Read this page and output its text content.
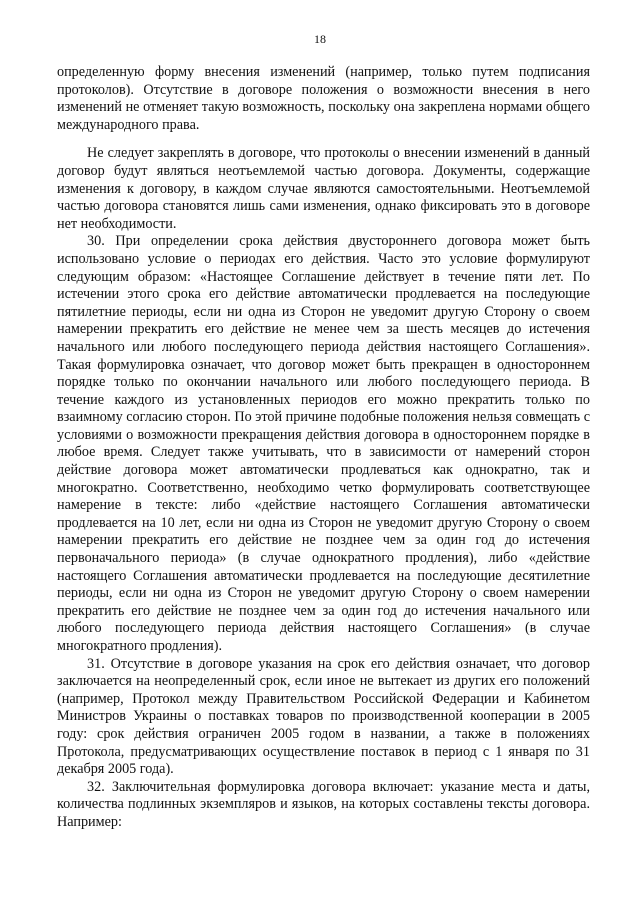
18

определенную форму внесения изменений (например, только путем подписания протоколов). Отсутствие в договоре положения о возможности внесения в него изменений не отменяет такую возможность, поскольку она закреплена нормами общего международного права.

Не следует закреплять в договоре, что протоколы о внесении изменений в данный договор будут являться неотъемлемой частью договора. Документы, содержащие изменения к договору, в каждом случае являются самостоятельными. Неотъемлемой частью договора становятся лишь сами изменения, однако фиксировать это в договоре нет необходимости.

30. При определении срока действия двустороннего договора может быть использовано условие о периодах его действия. Часто это условие формулируют следующим образом: «Настоящее Соглашение действует в течение пяти лет. По истечении этого срока его действие автоматически продлевается на последующие пятилетние периоды, если ни одна из Сторон не уведомит другую Сторону о своем намерении прекратить его действие не менее чем за шесть месяцев до истечения начального или любого последующего периода действия настоящего Соглашения». Такая формулировка означает, что договор может быть прекращен в одностороннем порядке только по окончании начального или любого последующего периода. В течение каждого из установленных периодов его можно прекратить только по взаимному согласию сторон. По этой причине подобные положения нельзя совмещать с условиями о возможности прекращения действия договора в одностороннем порядке в любое время. Следует также учитывать, что в зависимости от намерений сторон действие договора может автоматически продлеваться как однократно, так и многократно. Соответственно, необходимо четко формулировать соответствующее намерение в тексте: либо «действие настоящего Соглашения автоматически продлевается на 10 лет, если ни одна из Сторон не уведомит другую Сторону о своем намерении прекратить его действие не позднее чем за один год до истечения первоначального периода» (в случае однократного продления), либо «действие настоящего Соглашения автоматически продлевается на последующие десятилетние периоды, если ни одна из Сторон не уведомит другую Сторону о своем намерении прекратить его действие не позднее чем за один год до истечения начального или любого последующего периода действия настоящего Соглашения» (в случае многократного продления).

31. Отсутствие в договоре указания на срок его действия означает, что договор заключается на неопределенный срок, если иное не вытекает из других его положений (например, Протокол между Правительством Российской Федерации и Кабинетом Министров Украины о поставках товаров по производственной кооперации в 2005 году: срок действия ограничен 2005 годом в названии, а также в положениях Протокола, предусматривающих осуществление поставок в период с 1 января по 31 декабря 2005 года).

32. Заключительная формулировка договора включает: указание места и даты, количества подлинных экземпляров и языков, на которых составлены тексты договора. Например:
